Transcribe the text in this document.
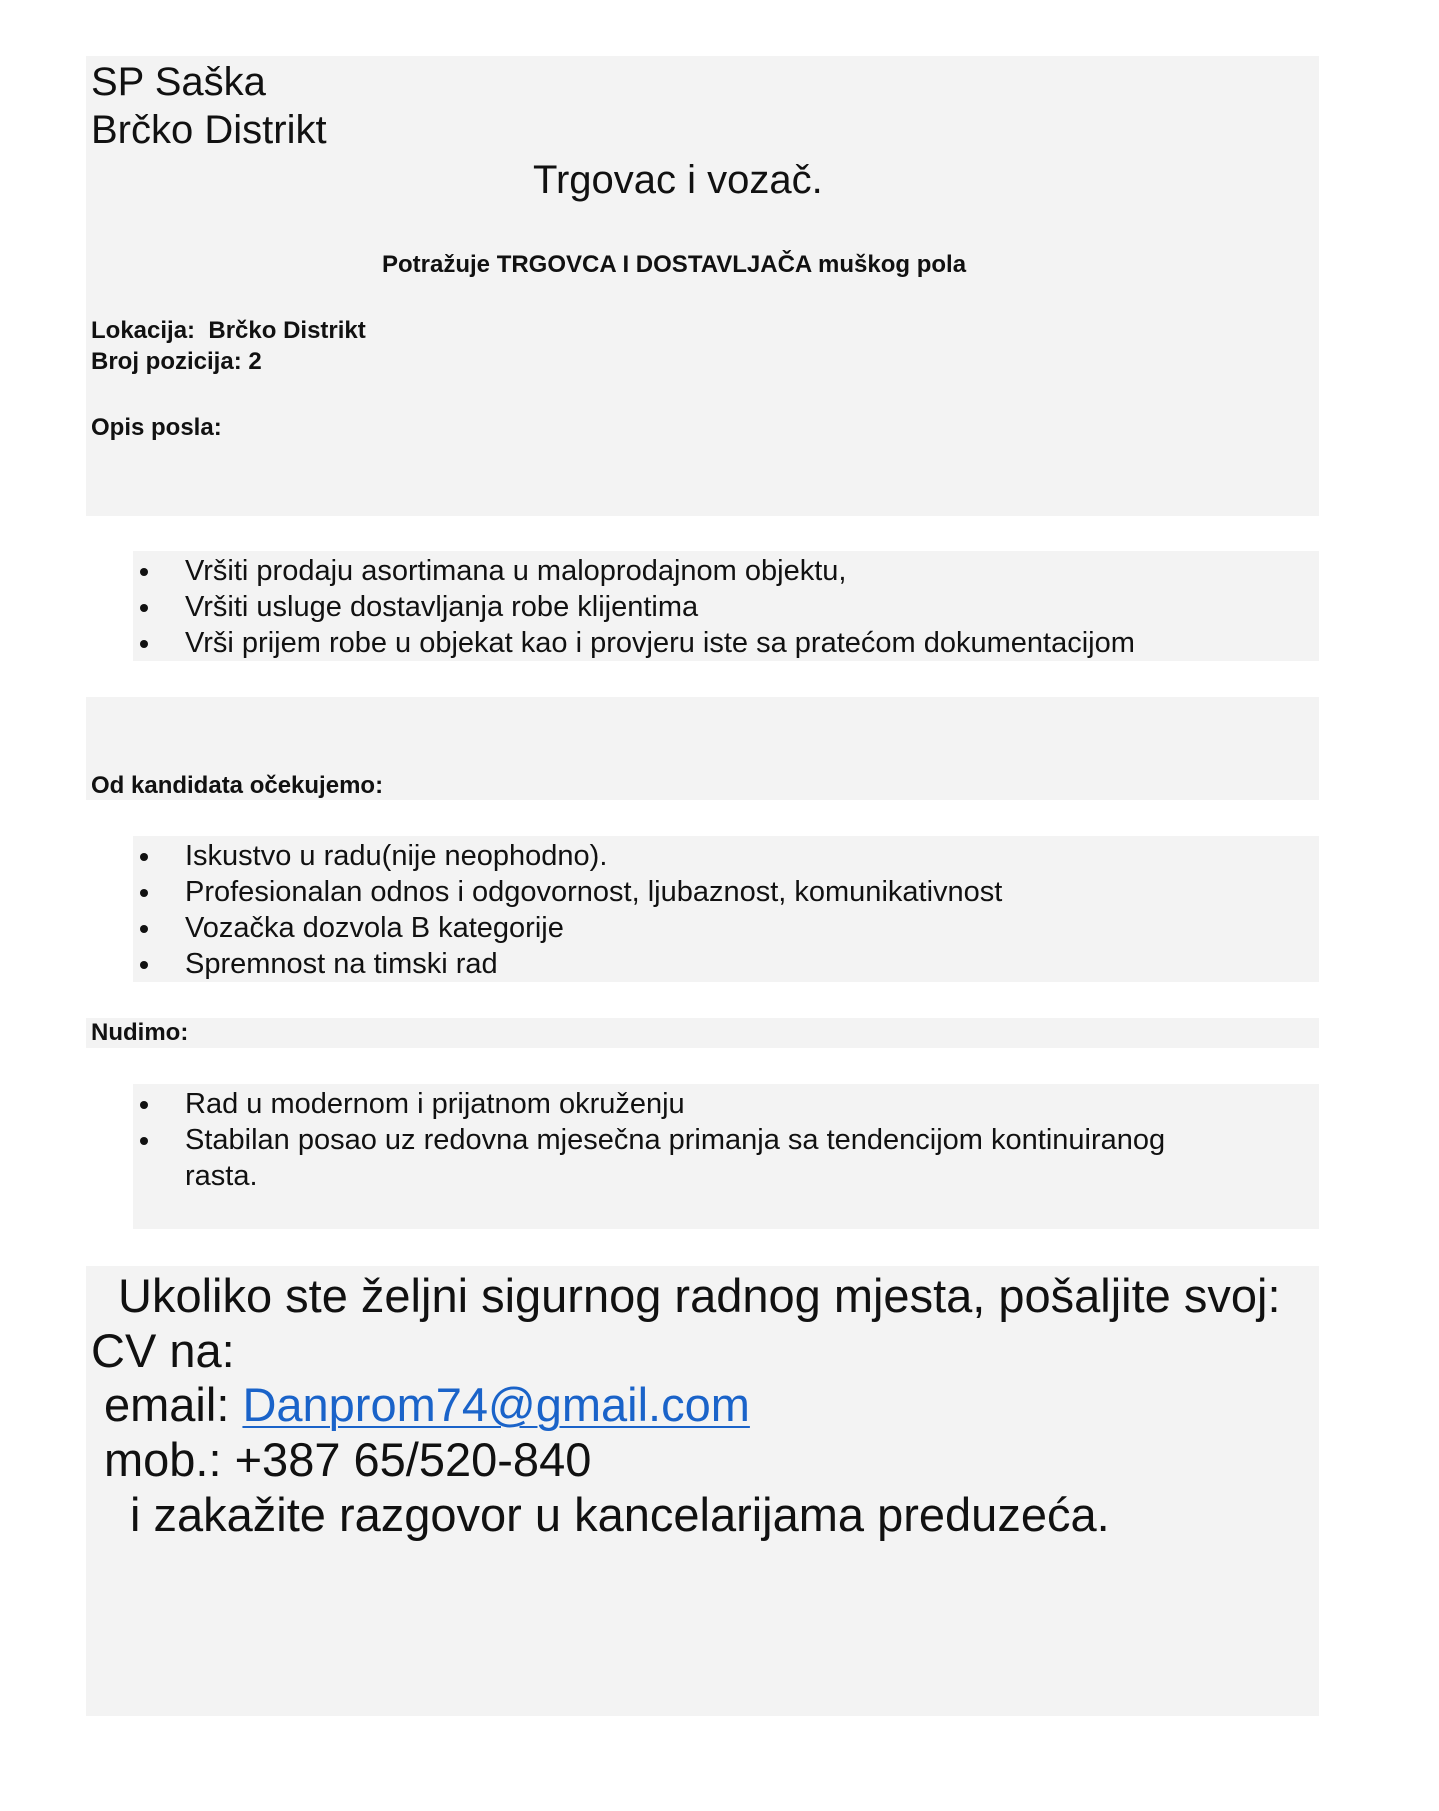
SP Saška
Brčko Distrikt
Trgovac i vozač.
Potražuje TRGOVCA I DOSTAVLJAČA muškog pola
Lokacija:  Brčko Distrikt
Broj pozicija: 2
Opis posla:
Vršiti prodaju asortimana u maloprodajnom objektu,
Vršiti usluge dostavljanja robe klijentima
Vrši prijem robe u objekat kao i provjeru iste sa pratećom dokumentacijom
Od kandidata očekujemo:
Iskustvo u radu(nije neophodno).
Profesionalan odnos i odgovornost, ljubaznost, komunikativnost
Vozačka dozvola B kategorije
Spremnost na timski rad
Nudimo:
Rad u modernom i prijatnom okruženju
Stabilan posao uz redovna mjesečna primanja sa tendencijom kontinuiranog
rasta.
Ukoliko ste željni sigurnog radnog mjesta, pošaljite svoj:
CV na:
email: Danprom74@gmail.com
mob.: +387 65/520-840
i zakažite razgovor u kancelarijama preduzeća.
